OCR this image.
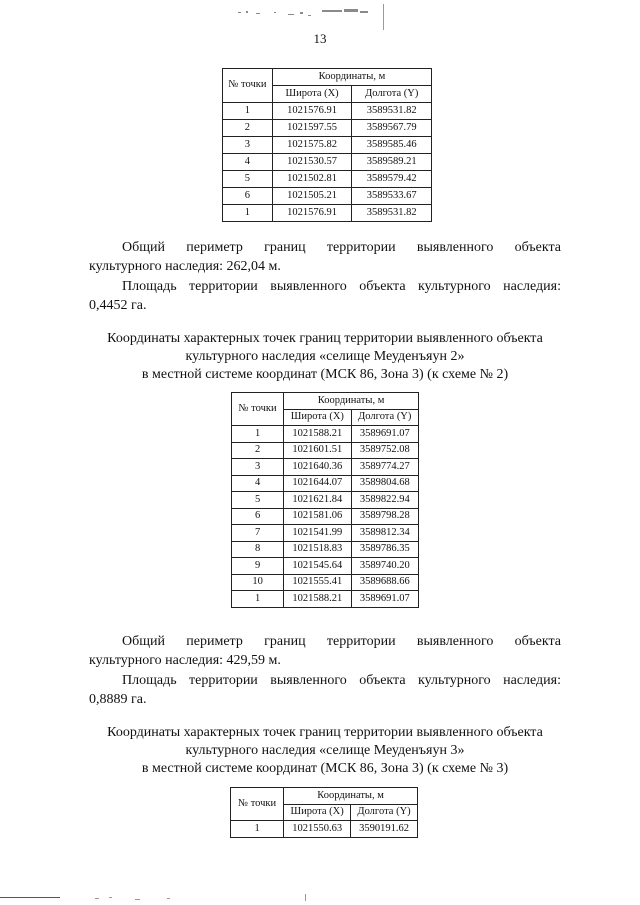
13
№ точки	Координаты, м	
	Широта (X)	Долгота (Y)
1	1021576.91	3589531.82
2	1021597.55	3589567.79
3	1021575.82	3589585.46
4	1021530.57	3589589.21
5	1021502.81	3589579.42
6	1021505.21	3589533.67
1	1021576.91	3589531.82
Общий периметр границ территории выявленного объекта
культурного наследия: 262,04 м.
Площадь территории выявленного объекта культурного наследия:
0,4452 га.
Координаты характерных точек границ территории выявленного объекта
культурного наследия «селище Меуденъяун 2»
в местной системе координат (МСК 86, Зона 3) (к схеме № 2)
№ точки	Координаты, м	
	Широта (X)	Долгота (Y)
1	1021588.21	3589691.07
2	1021601.51	3589752.08
3	1021640.36	3589774.27
4	1021644.07	3589804.68
5	1021621.84	3589822.94
6	1021581.06	3589798.28
7	1021541.99	3589812.34
8	1021518.83	3589786.35
9	1021545.64	3589740.20
10	1021555.41	3589688.66
1	1021588.21	3589691.07
Общий периметр границ территории выявленного объекта
культурного наследия: 429,59 м.
Площадь территории выявленного объекта культурного наследия:
0,8889 га.
Координаты характерных точек границ территории выявленного объекта
культурного наследия «селище Меуденъяун 3»
в местной системе координат (МСК 86, Зона 3) (к схеме № 3)
№ точки	Координаты, м	
	Широта (X)	Долгота (Y)
1	1021550.63	3590191.62
